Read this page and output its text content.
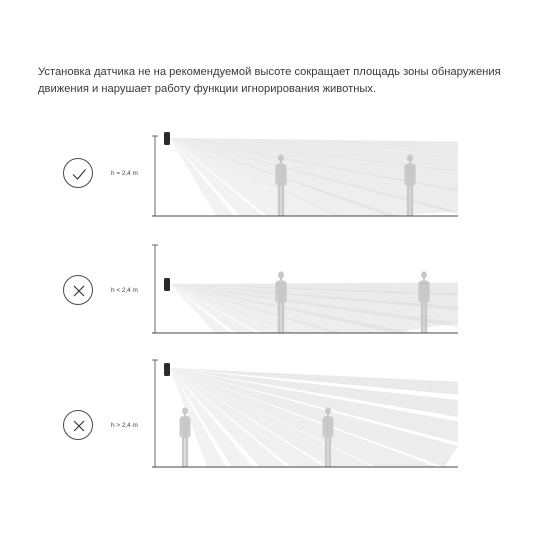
Установка датчика не на рекомендуемой высоте сокращает площадь зоны обнаружения движения и нарушает работу функции игнорирования животных.

h = 2,4 m
h < 2,4 m
h > 2,4 m
